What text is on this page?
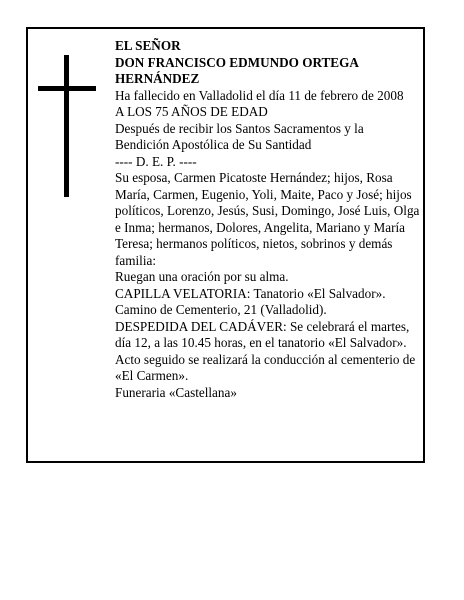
EL SEÑOR

DON FRANCISCO EDMUNDO ORTEGA HERNÁNDEZ

Ha fallecido en Valladolid el día 11 de febrero de 2008

A LOS 75 AÑOS DE EDAD

Después de recibir los Santos Sacramentos y la Bendición Apostólica de Su Santidad

---- D. E. P. ----

Su esposa, Carmen Picatoste Hernández; hijos, Rosa María, Carmen, Eugenio, Yoli, Maite, Paco y José; hijos políticos, Lorenzo, Jesús, Susi, Domingo, José Luis, Olga e Inma; hermanos, Dolores, Angelita, Mariano y María Teresa; hermanos políticos, nietos, sobrinos y demás familia:

Ruegan una oración por su alma.

CAPILLA VELATORIA: Tanatorio «El Salvador».

Camino de Cementerio, 21 (Valladolid).

DESPEDIDA DEL CADÁVER: Se celebrará el martes, día 12, a las 10.45 horas, en el tanatorio «El Salvador». Acto seguido se realizará la conducción al cementerio de «El Carmen».

Funeraria «Castellana»
